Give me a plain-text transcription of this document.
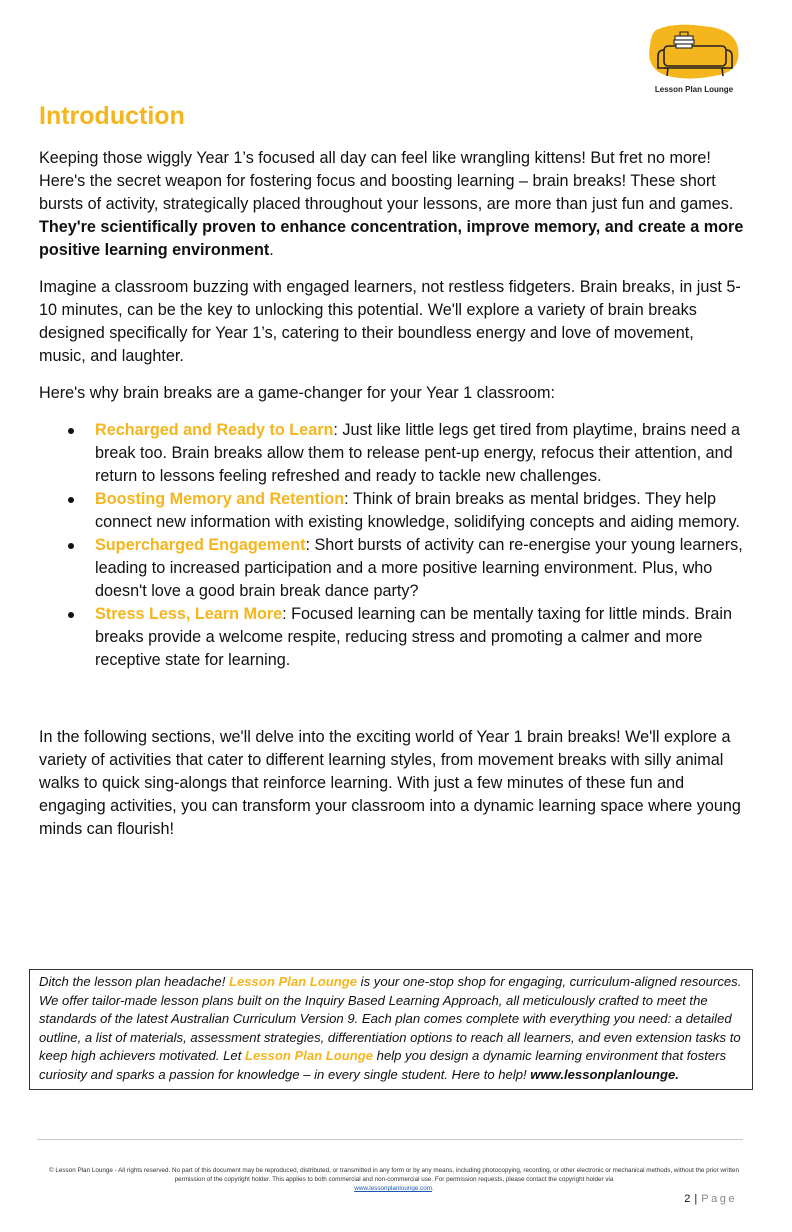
Lesson Plan Lounge
Introduction

Keeping those wiggly Year 1’s focused all day can feel like wrangling kittens! But fret no more! Here's the secret weapon for fostering focus and boosting learning – brain breaks! These short bursts of activity, strategically placed throughout your lessons, are more than just fun and games. They're scientifically proven to enhance concentration, improve memory, and create a more positive learning environment.

Imagine a classroom buzzing with engaged learners, not restless fidgeters. Brain breaks, in just 5-10 minutes, can be the key to unlocking this potential. We'll explore a variety of brain breaks designed specifically for Year 1’s, catering to their boundless energy and love of movement, music, and laughter.

Here's why brain breaks are a game-changer for your Year 1 classroom:

Recharged and Ready to Learn: Just like little legs get tired from playtime, brains need a break too. Brain breaks allow them to release pent-up energy, refocus their attention, and return to lessons feeling refreshed and ready to tackle new challenges.
Boosting Memory and Retention: Think of brain breaks as mental bridges. They help connect new information with existing knowledge, solidifying concepts and aiding memory.
Supercharged Engagement: Short bursts of activity can re-energise your young learners, leading to increased participation and a more positive learning environment. Plus, who doesn't love a good brain break dance party?
Stress Less, Learn More: Focused learning can be mentally taxing for little minds. Brain breaks provide a welcome respite, reducing stress and promoting a calmer and more receptive state for learning.

In the following sections, we'll delve into the exciting world of Year 1 brain breaks! We'll explore a variety of activities that cater to different learning styles, from movement breaks with silly animal walks to quick sing-alongs that reinforce learning. With just a few minutes of these fun and engaging activities, you can transform your classroom into a dynamic learning space where young minds can flourish!

Ditch the lesson plan headache! Lesson Plan Lounge is your one-stop shop for engaging, curriculum-aligned resources. We offer tailor-made lesson plans built on the Inquiry Based Learning Approach, all meticulously crafted to meet the standards of the latest Australian Curriculum Version 9. Each plan comes complete with everything you need: a detailed outline, a list of materials, assessment strategies, differentiation options to reach all learners, and even extension tasks to keep high achievers motivated. Let Lesson Plan Lounge help you design a dynamic learning environment that fosters curiosity and sparks a passion for knowledge – in every single student. Here to help! www.lessonplanlounge.
© Lesson Plan Lounge - All rights reserved. No part of this document may be reproduced, distributed, or transmitted in any form or by any means, including photocopying, recording, or other electronic or mechanical methods, without the prior written permission of the copyright holder. This applies to both commercial and non-commercial use. For permission requests, please contact the copyright holder via
www.lessonplanlounge.com.
2 | Page
